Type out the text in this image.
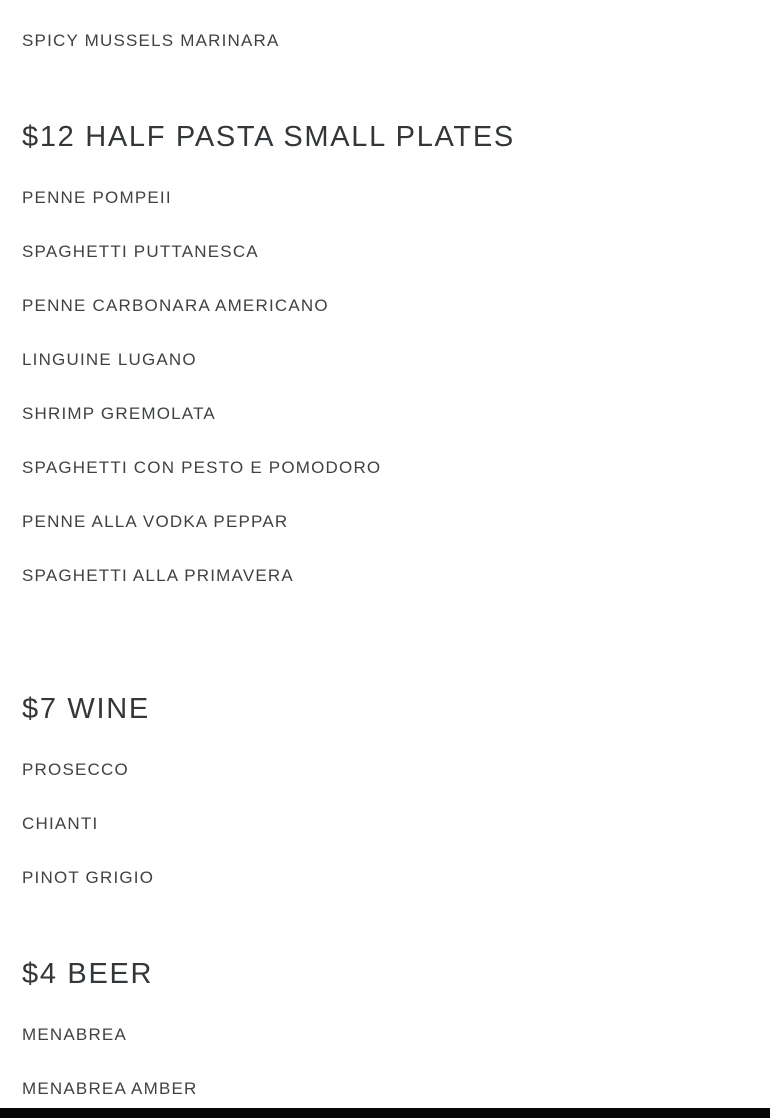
SPICY MUSSELS MARINARA

$12 HALF PASTA SMALL PLATES

PENNE POMPEII

SPAGHETTI PUTTANESCA

PENNE CARBONARA AMERICANO

LINGUINE LUGANO

SHRIMP GREMOLATA

SPAGHETTI CON PESTO E POMODORO

PENNE ALLA VODKA PEPPAR

SPAGHETTI ALLA PRIMAVERA

$7 WINE

PROSECCO

CHIANTI

PINOT GRIGIO

$4 BEER

MENABREA

MENABREA AMBER
